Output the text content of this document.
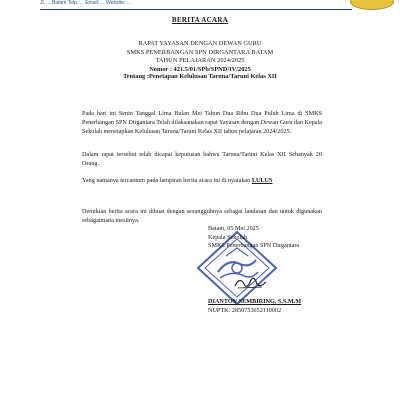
Jl. ... Batam Telp. ... Email: ... Website: ...
BERITA ACARA
RAPAT YAYASAN DENGAN DEWAN GURU
SMKS PENERBANGAN SPN DIRGANTARA BATAM
TAHUN PELAJARAN 2024/2025
Nomor : 421.5/01/SPb/SPND/IV/2025
Tentang :Penetapan Kelulusan Taruna/Taruni Kelas XII
Pada hari ini Senin Tanggal Lima Bulan Mei Tahun Dua Ribu Dua Puluh Lima di SMKS Penerbangan SPN Dirgantara Telah dilaksanakan rapat Yayasan dengan Dewan Guru dan Kepala Sekolah menetapkan Kelulusan Taruna/Taruni Kelas XII tahun pelajaran 2024/2025.
Dalam rapat tersebut telah dicapai keputusan bahwa Taruna/Taruni Kelas XII Sebanyak 20 Orang.
Yang namanya tercantum pada lampiran berita acara ini di nyatakan LULUS
Demikian berita acara ini dibuat dengan sesungguhnya sebagai landasan dan untuk digunakan sebagaimana mestinya.
Batam, 05 Mei 2025
Kepala Sekolah
SMKS Penerbangan SPN Dirgantara
DIANTON SEMBIRING, S.S.M.M
NUPTK: 2850753652110002
